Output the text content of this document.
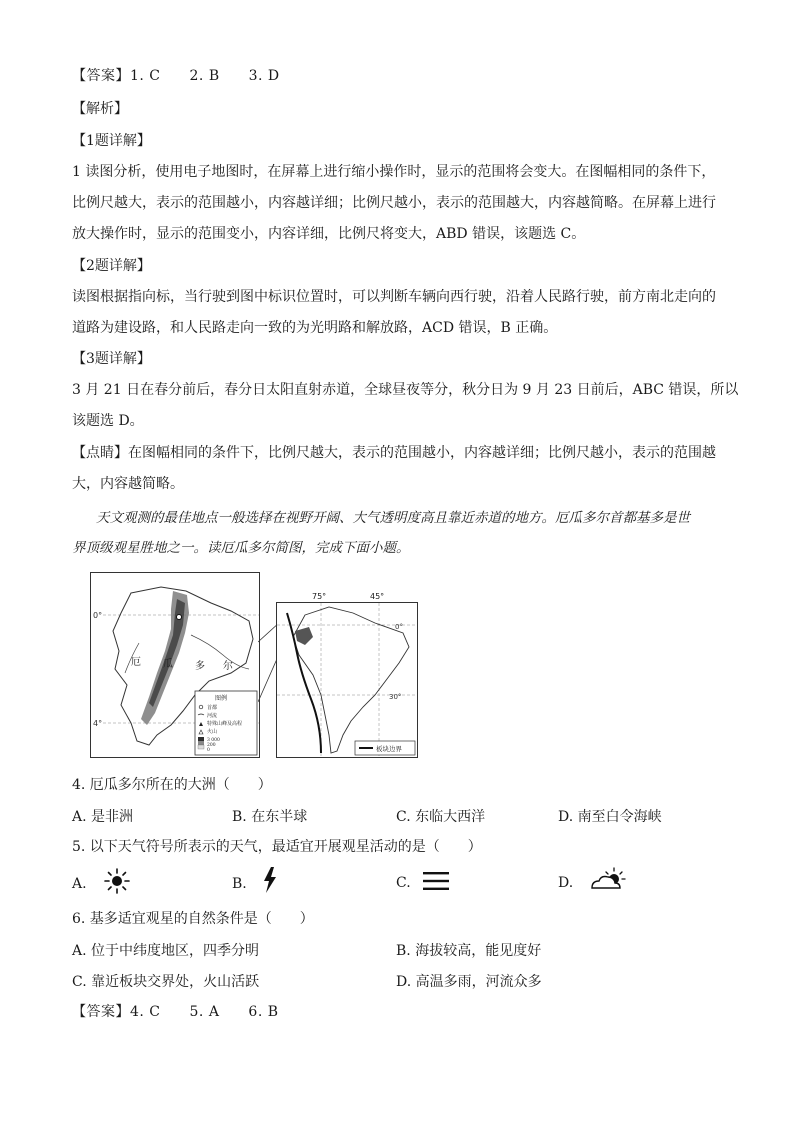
【答案】1. C　　2. B　　3. D
【解析】
【1题详解】
1 读图分析，使用电子地图时，在屏幕上进行缩小操作时，显示的范围将会变大。在图幅相同的条件下，
比例尺越大，表示的范围越小，内容越详细；比例尺越小，表示的范围越大，内容越简略。在屏幕上进行
放大操作时，显示的范围变小，内容详细，比例尺将变大，ABD 错误，该题选 C。
【2题详解】
读图根据指向标，当行驶到图中标识位置时，可以判断车辆向西行驶，沿着人民路行驶，前方南北走向的
道路为建设路，和人民路走向一致的为光明路和解放路，ACD 错误，B 正确。
【3题详解】
3 月 21 日在春分前后，春分日太阳直射赤道，全球昼夜等分，秋分日为 9 月 23 日前后，ABC 错误，所以
该题选 D。
【点睛】在图幅相同的条件下，比例尺越大，表示的范围越小，内容越详细；比例尺越小，表示的范围越
大，内容越简略。
天文观测的最佳地点一般选择在视野开阔、大气透明度高且靠近赤道的地方。厄瓜多尔首都基多是世
界顶级观星胜地之一。读厄瓜多尔简图，完成下面小题。
0°
4°
厄 瓜 多 尔
图例
首都
河流
特殊山峰及高程
火山
3 000
200
0
0°
30°
板块边界
75°	45°
4. 厄瓜多尔所在的大洲（　　）
A. 是非洲	B. 在东半球	C. 东临大西洋	D. 南至白令海峡
5. 以下天气符号所表示的天气，最适宜开展观星活动的是（　　）
A.	B.	C.	D.
6. 基多适宜观星的自然条件是（　　）
A. 位于中纬度地区，四季分明	B. 海拔较高，能见度好
C. 靠近板块交界处，火山活跃	D. 高温多雨，河流众多
【答案】4. C　　5. A　　6. B
